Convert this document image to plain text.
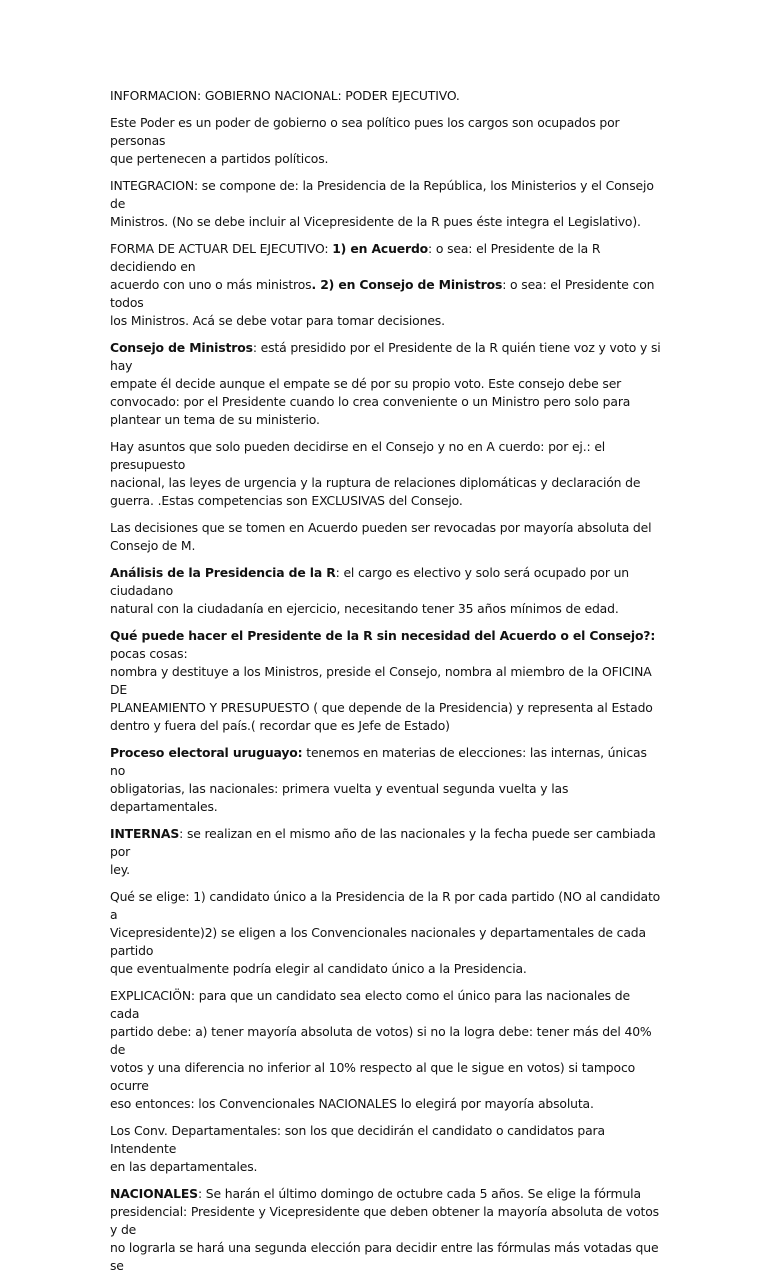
INFORMACION: GOBIERNO NACIONAL: PODER EJECUTIVO.

Este Poder es un poder de gobierno o sea político pues los cargos son ocupados por personas
que pertenecen a partidos políticos.

INTEGRACION: se compone de: la Presidencia de la República, los Ministerios y el Consejo de
Ministros. (No se debe incluir al Vicepresidente de la R pues éste integra el Legislativo).

FORMA DE ACTUAR DEL EJECUTIVO: 1) en Acuerdo: o sea: el Presidente de la R decidiendo en
acuerdo con uno o más ministros. 2) en Consejo de Ministros: o sea: el Presidente con todos
los Ministros. Acá se debe votar para tomar decisiones.

Consejo de Ministros: está presidido por el Presidente de la R quién tiene voz y voto y si hay
empate él decide aunque el empate se dé por su propio voto. Este consejo debe ser
convocado: por el Presidente cuando lo crea conveniente o un Ministro pero solo para
plantear un tema de su ministerio.

Hay asuntos que solo pueden decidirse en el Consejo y no en A cuerdo: por ej.: el presupuesto
nacional, las leyes de urgencia y la ruptura de relaciones diplomáticas y declaración de
guerra. .Estas competencias son EXCLUSIVAS del Consejo.

Las decisiones que se tomen en Acuerdo pueden ser revocadas por mayoría absoluta del
Consejo de M.

Análisis de la Presidencia de la R: el cargo es electivo y solo será ocupado por un ciudadano
natural con la ciudadanía en ejercicio, necesitando tener 35 años mínimos de edad.

Qué puede hacer el Presidente de la R sin necesidad del Acuerdo o el Consejo?: pocas cosas:
nombra y destituye a los Ministros, preside el Consejo, nombra al miembro de la OFICINA DE
PLANEAMIENTO Y PRESUPUESTO ( que depende de la Presidencia) y representa al Estado
dentro y fuera del país.( recordar que es Jefe de Estado)

Proceso electoral uruguayo: tenemos en materias de elecciones: las internas, únicas no
obligatorias, las nacionales: primera vuelta y eventual segunda vuelta y las departamentales.

INTERNAS: se realizan en el mismo año de las nacionales y la fecha puede ser cambiada por
ley.

Qué se elige: 1) candidato único a la Presidencia de la R por cada partido (NO al candidato a
Vicepresidente)2) se eligen a los Convencionales nacionales y departamentales de cada partido
que eventualmente podría elegir al candidato único a la Presidencia.

EXPLICACIÖN: para que un candidato sea electo como el único para las nacionales de cada
partido debe: a) tener mayoría absoluta de votos) si no la logra debe: tener más del 40% de
votos y una diferencia no inferior al 10% respecto al que le sigue en votos) si tampoco ocurre
eso entonces: los Convencionales NACIONALES lo elegirá por mayoría absoluta.

Los Conv. Departamentales: son los que decidirán el candidato o candidatos para Intendente
en las departamentales.

NACIONALES: Se harán el último domingo de octubre cada 5 años. Se elige la fórmula
presidencial: Presidente y Vicepresidente que deben obtener la mayoría absoluta de votos y de
no lograrla se hará una segunda elección para decidir entre las fórmulas más votadas que se
